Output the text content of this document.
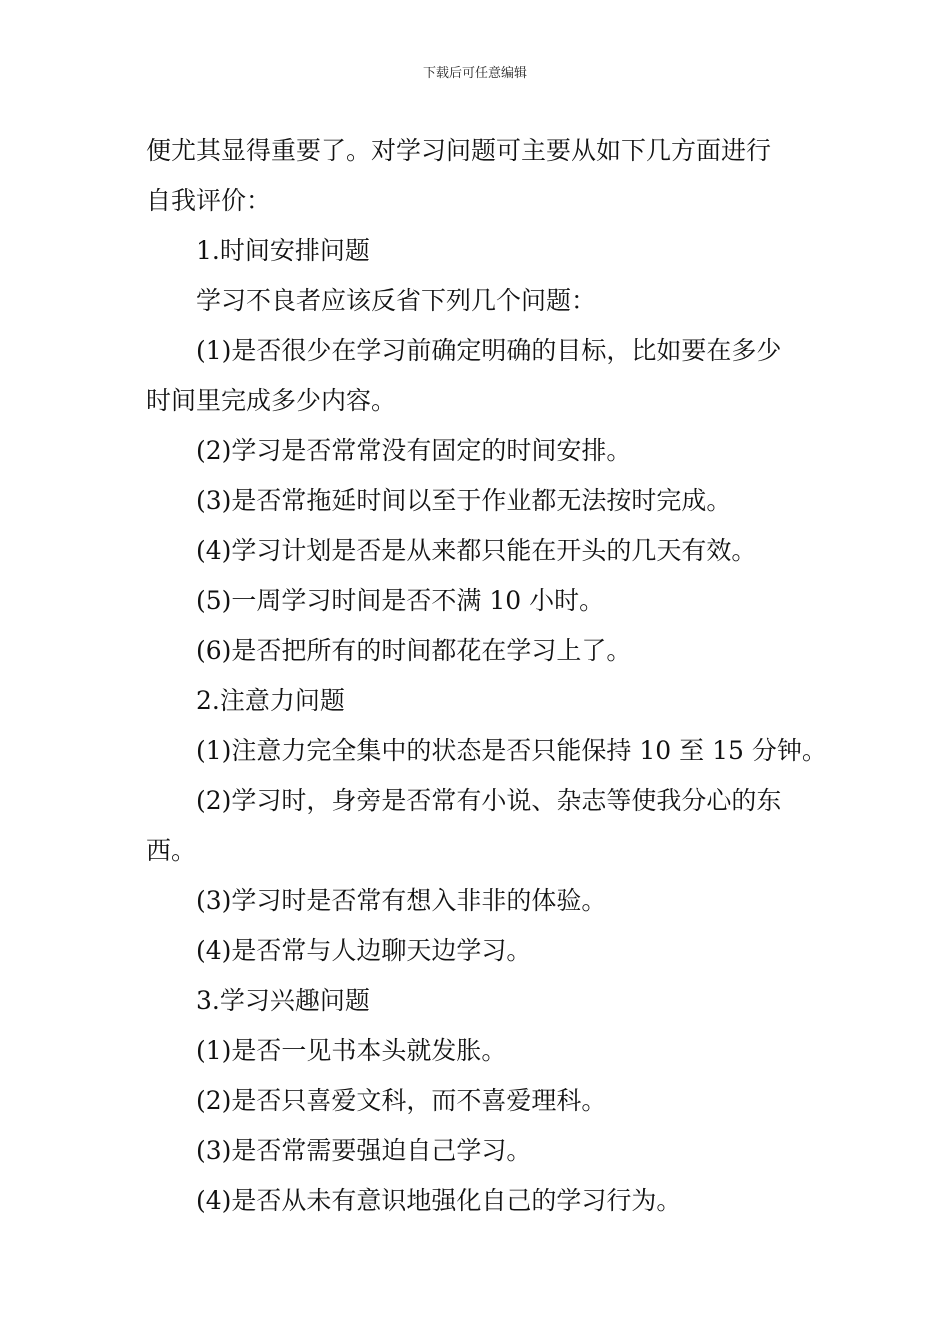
下载后可任意编辑

便尤其显得重要了。对学习问题可主要从如下几方面进行

自我评价：

1.时间安排问题

学习不良者应该反省下列几个问题：

(1)是否很少在学习前确定明确的目标，比如要在多少

时间里完成多少内容。

(2)学习是否常常没有固定的时间安排。

(3)是否常拖延时间以至于作业都无法按时完成。

(4)学习计划是否是从来都只能在开头的几天有效。

(5)一周学习时间是否不满 10 小时。

(6)是否把所有的时间都花在学习上了。

2.注意力问题

(1)注意力完全集中的状态是否只能保持 10 至 15 分钟。

(2)学习时，身旁是否常有小说、杂志等使我分心的东

西。

(3)学习时是否常有想入非非的体验。

(4)是否常与人边聊天边学习。

3.学习兴趣问题

(1)是否一见书本头就发胀。

(2)是否只喜爱文科，而不喜爱理科。

(3)是否常需要强迫自己学习。

(4)是否从未有意识地强化自己的学习行为。
